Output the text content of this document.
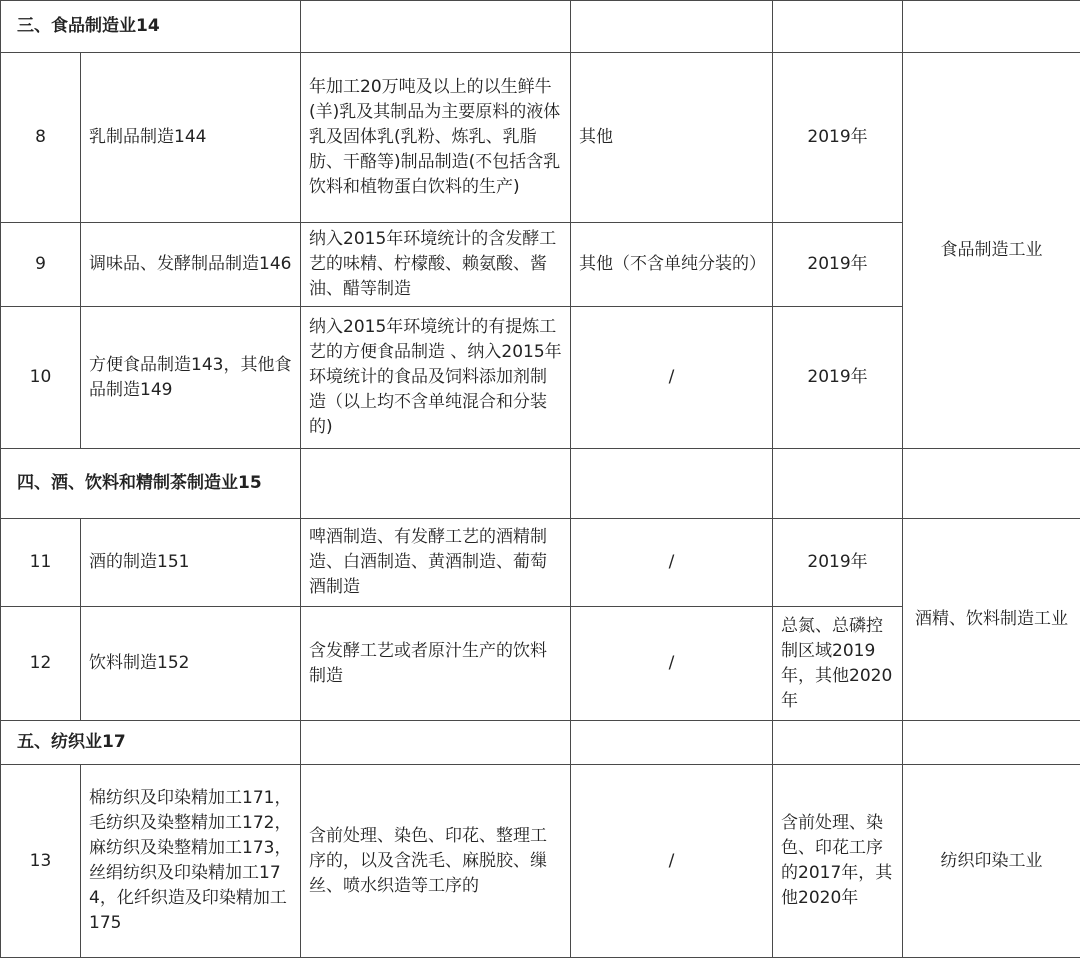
三、食品制造业14					
8	乳制品制造144	年加工20万吨及以上的以生鲜牛(羊)乳及其制品为主要原料的液体乳及固体乳(乳粉、炼乳、乳脂肪、干酪等)制品制造(不包括含乳饮料和植物蛋白饮料的生产)	其他	2019年	食品制造工业
9	调味品、发酵制品制造146	纳入2015年环境统计的含发酵工艺的味精、柠檬酸、赖氨酸、酱油、醋等制造	其他（不含单纯分装的）	2019年	
10	方便食品制造143，其他食品制造149	纳入2015年环境统计的有提炼工艺的方便食品制造 、纳入2015年环境统计的食品及饲料添加剂制造（以上均不含单纯混合和分装的)	/	2019年	
四、酒、饮料和精制茶制造业15					
11	酒的制造151	啤酒制造、有发酵工艺的酒精制造、白酒制造、黄酒制造、葡萄酒制造	/	2019年	酒精、饮料制造工业
12	饮料制造152	含发酵工艺或者原汁生产的饮料制造	/	总氮、总磷控制区域2019年，其他2020年	
五、纺织业17					
13	棉纺织及印染精加工171，毛纺织及染整精加工172，麻纺织及染整精加工173，丝绢纺织及印染精加工174，化纤织造及印染精加工175	含前处理、染色、印花、整理工序的，以及含洗毛、麻脱胶、缫丝、喷水织造等工序的	/	含前处理、染色、印花工序的2017年，其他2020年	纺织印染工业
